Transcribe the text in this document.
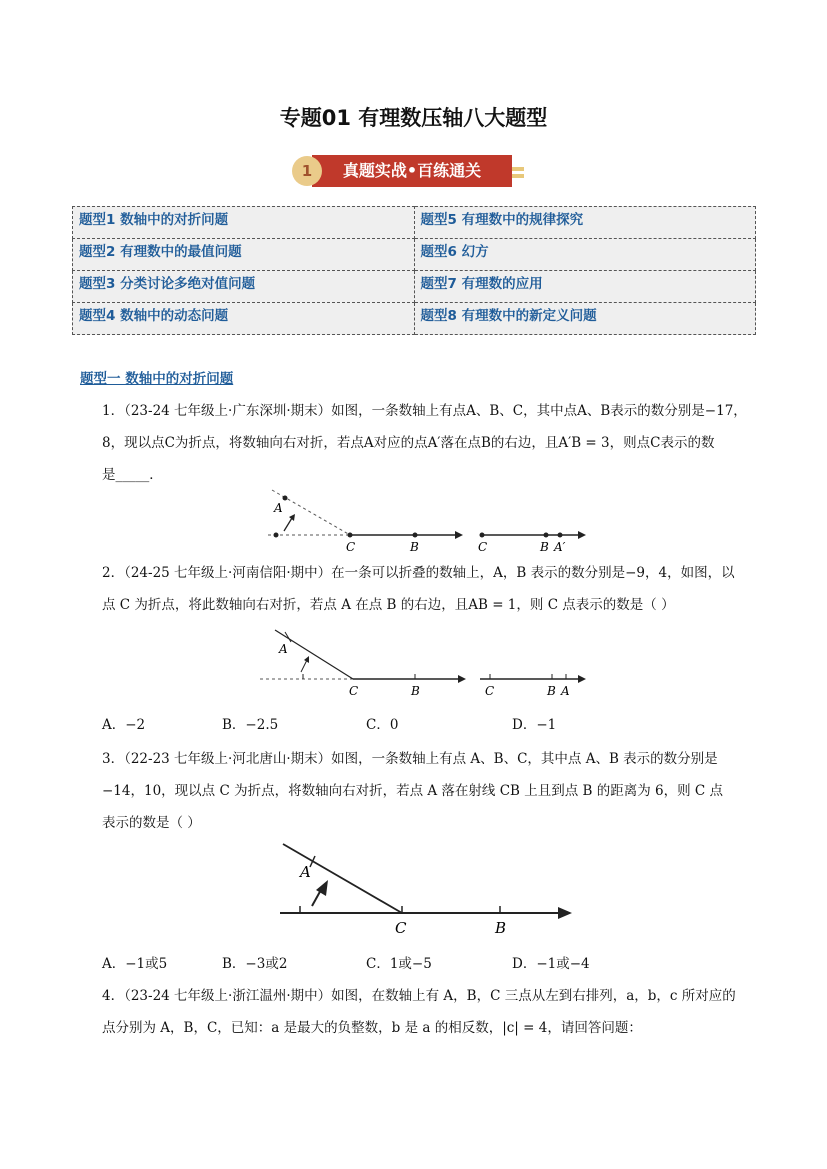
专题01 有理数压轴八大题型
真题实战•百练通关
1
题型1 数轴中的对折问题	题型5 有理数中的规律探究
题型2 有理数中的最值问题	题型6 幻方
题型3 分类讨论多绝对值问题	题型7 有理数的应用
题型4 数轴中的动态问题	题型8 有理数中的新定义问题
题型一 数轴中的对折问题
1．（23-24 七年级上·广东深圳·期末）如图，一条数轴上有点A、B、C，其中点A、B表示的数分别是−17，
8，现以点C为折点，将数轴向右对折，若点A对应的点A′落在点B的右边，且A′B = 3，则点C表示的数
是_____．
A
C	B	C	B A′
2．（24-25 七年级上·河南信阳·期中）在一条可以折叠的数轴上，A，B 表示的数分别是−9，4，如图，以
点 C 为折点，将此数轴向右对折，若点 A 在点 B 的右边，且AB = 1，则 C 点表示的数是（ ）
A
C	B	C	B A
A．−2	B．−2.5	C．0	D．−1
3．（22-23 七年级上·河北唐山·期末）如图，一条数轴上有点 A、B、C，其中点 A、B 表示的数分别是
−14，10，现以点 C 为折点，将数轴向右对折，若点 A 落在射线 CB 上且到点 B 的距离为 6，则 C 点
表示的数是（ ）
A
C	B
A．−1或5	B．−3或2	C．1或−5	D．−1或−4
4．（23-24 七年级上·浙江温州·期中）如图，在数轴上有 A，B，C 三点从左到右排列，a，b，c 所对应的
点分别为 A，B，C，已知：a 是最大的负整数，b 是 a 的相反数，|c| = 4，请回答问题：
